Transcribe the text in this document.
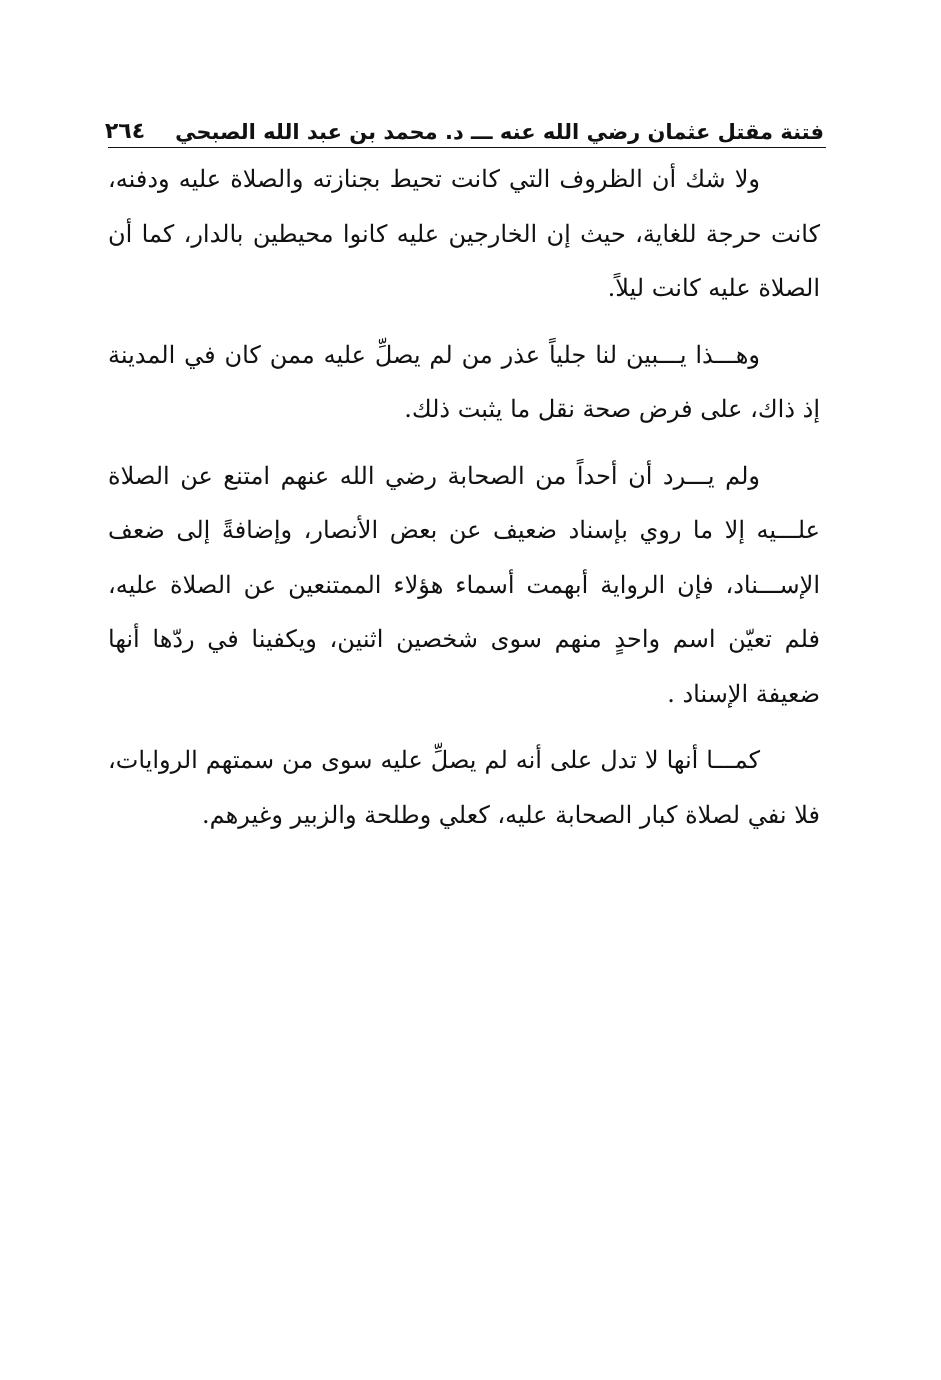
فتنة مقتل عثمان رضي الله عنه ـــ د. محمد بن عبد الله الصبحي
٢٦٤

ولا شك أن الظروف التي كانت تحيط بجنازته والصلاة عليه ودفنه، كانت حرجة للغاية، حيث إن الخارجين عليه كانوا محيطين بالدار، كما أن الصلاة عليه كانت ليلاً.

وهـــذا يـــبين لنا جلياً عذر من لم يصلِّ عليه ممن كان في المدينة إذ ذاك، على فرض صحة نقل ما يثبت ذلك.

ولم يـــرد أن أحداً من الصحابة رضي الله عنهم امتنع عن الصلاة علـــيه إلا ما روي بإسناد ضعيف عن بعض الأنصار، وإضافةً إلى ضعف الإســـناد، فإن الرواية أبهمت أسماء هؤلاء الممتنعين عن الصلاة عليه، فلم تعيّن اسم واحدٍ منهم سوى شخصين اثنين، ويكفينا في ردّها أنها ضعيفة الإسناد .

كمـــا أنها لا تدل على أنه لم يصلِّ عليه سوى من سمتهم الروايات، فلا نفي لصلاة كبار الصحابة عليه، كعلي وطلحة والزبير وغيرهم.
